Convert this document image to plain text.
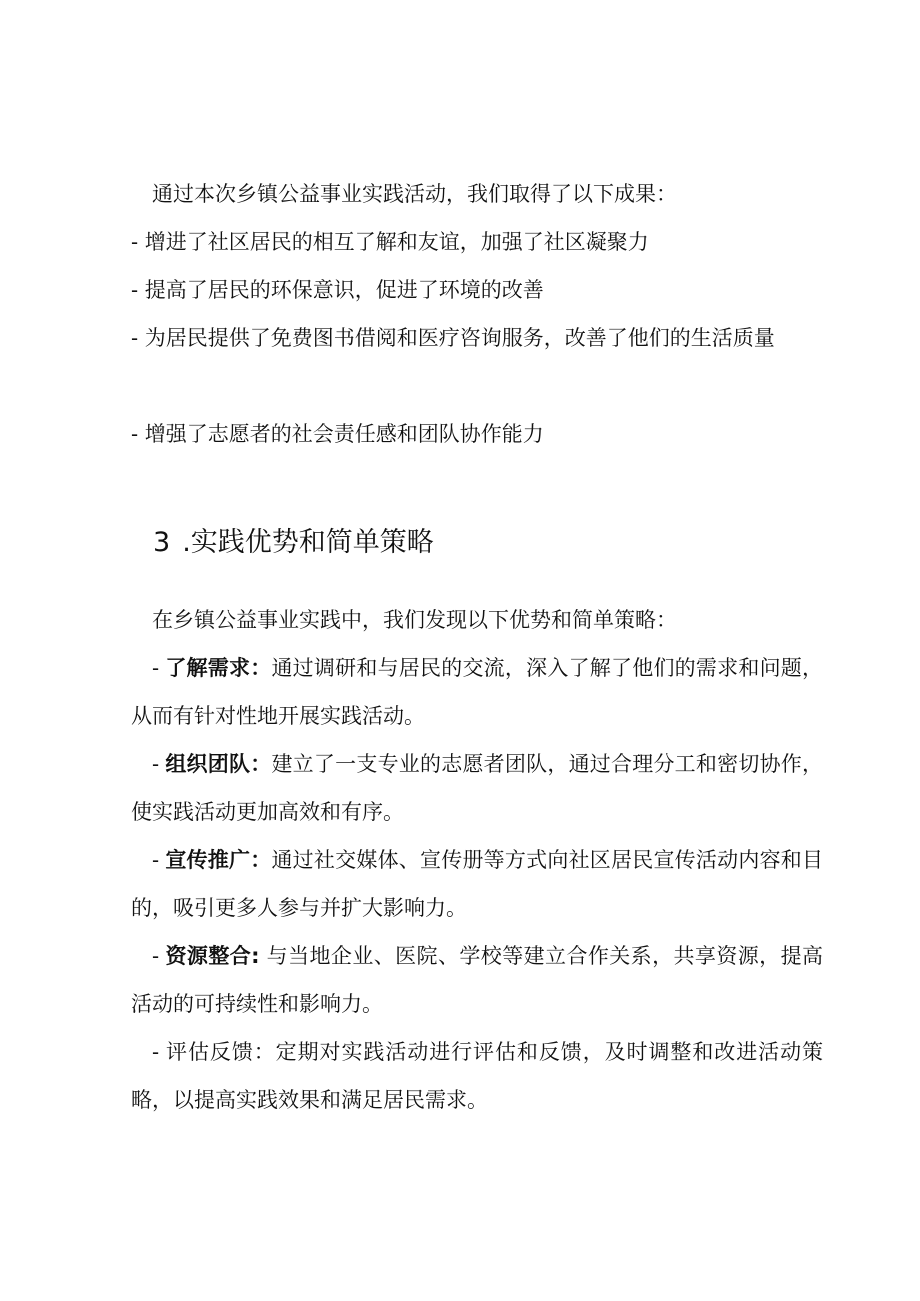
通过本次乡镇公益事业实践活动，我们取得了以下成果：

- 增进了社区居民的相互了解和友谊，加强了社区凝聚力

- 提高了居民的环保意识，促进了环境的改善

- 为居民提供了免费图书借阅和医疗咨询服务，改善了他们的生活质量

- 增强了志愿者的社会责任感和团队协作能力

3 .实践优势和简单策略

在乡镇公益事业实践中，我们发现以下优势和简单策略：

- 了解需求：通过调研和与居民的交流，深入了解了他们的需求和问题，从而有针对性地开展实践活动。

- 组织团队：建立了一支专业的志愿者团队，通过合理分工和密切协作，使实践活动更加高效和有序。

- 宣传推广：通过社交媒体、宣传册等方式向社区居民宣传活动内容和目的，吸引更多人参与并扩大影响力。

- 资源整合: 与当地企业、医院、学校等建立合作关系，共享资源，提高活动的可持续性和影响力。

- 评估反馈：定期对实践活动进行评估和反馈，及时调整和改进活动策略，以提高实践效果和满足居民需求。
